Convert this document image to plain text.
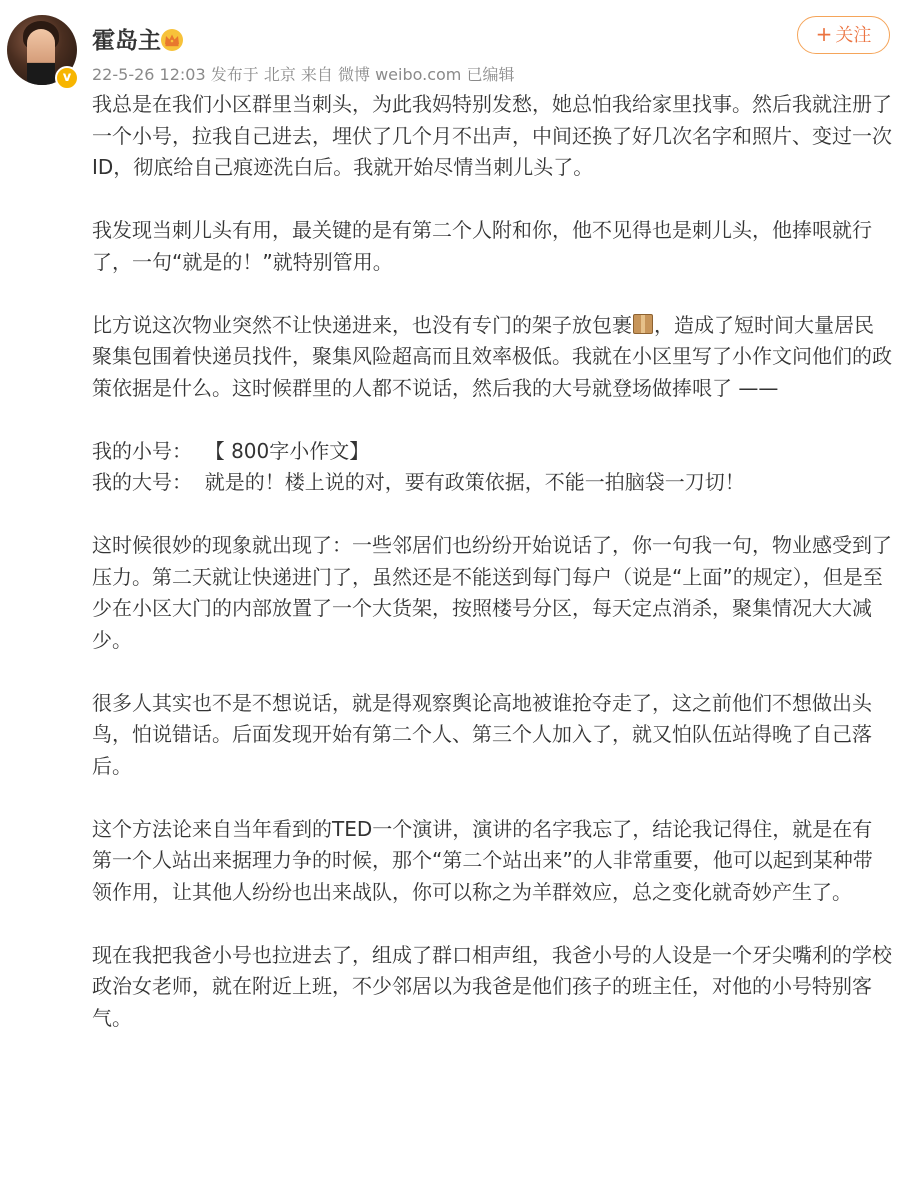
v
霍岛主
22-5-26 12:03 发布于 北京 来自 微博 weibo.com 已编辑
+ 关注

我总是在我们小区群里当刺头，为此我妈特别发愁，她总怕我给家里找事。然后我就注册了一个小号，拉我自己进去，埋伏了几个月不出声，中间还换了好几次名字和照片、变过一次ID，彻底给自己痕迹洗白后。我就开始尽情当刺儿头了。

我发现当刺儿头有用，最关键的是有第二个人附和你，他不见得也是刺儿头，他捧哏就行了，一句“就是的！”就特别管用。

比方说这次物业突然不让快递进来，也没有专门的架子放包裹 ，造成了短时间大量居民聚集包围着快递员找件，聚集风险超高而且效率极低。我就在小区里写了小作文问他们的政策依据是什么。这时候群里的人都不说话，然后我的大号就登场做捧哏了 ——

我的小号：  【 800字小作文】

我的大号：  就是的！楼上说的对，要有政策依据，不能一拍脑袋一刀切！

这时候很妙的现象就出现了：一些邻居们也纷纷开始说话了，你一句我一句，物业感受到了压力。第二天就让快递进门了，虽然还是不能送到每门每户（说是“上面”的规定），但是至少在小区大门的内部放置了一个大货架，按照楼号分区，每天定点消杀，聚集情况大大减少。

很多人其实也不是不想说话，就是得观察舆论高地被谁抢夺走了，这之前他们不想做出头鸟，怕说错话。后面发现开始有第二个人、第三个人加入了，就又怕队伍站得晚了自己落后。

这个方法论来自当年看到的TED一个演讲，演讲的名字我忘了，结论我记得住，就是在有第一个人站出来据理力争的时候，那个“第二个站出来”的人非常重要，他可以起到某种带领作用，让其他人纷纷也出来战队，你可以称之为羊群效应，总之变化就奇妙产生了。

现在我把我爸小号也拉进去了，组成了群口相声组，我爸小号的人设是一个牙尖嘴利的学校政治女老师，就在附近上班，不少邻居以为我爸是他们孩子的班主任，对他的小号特别客气。
